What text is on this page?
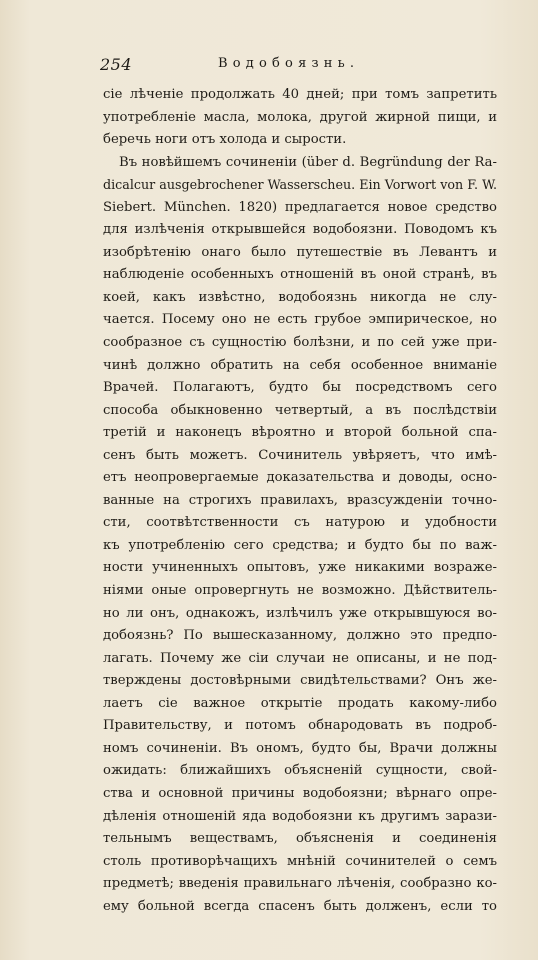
254	Водобоязнь.
сіе лѣченіе продолжать 40 дней; при томъ запретить
употребленіе масла, молока, другой жирной пищи, и
беречь ноги отъ холода и сырости.
Въ новѣйшемъ сочиненіи (über d. Begründung der Ra-
dicalcur ausgebrochener Wasserscheu. Ein Vorwort von F. W.
Siebert. München. 1820) предлагается новое средство
для излѣченія открывшейся водобоязни. Поводомъ къ
изобрѣтенію онаго было путешествіе въ Левантъ и
наблюденіе особенныхъ отношеній въ оной странѣ, въ
коей, какъ извѣстно, водобоязнь никогда не слу-
чается. Посему оно не есть грубое эмпирическое, но
сообразное съ сущностію болѣзни, и по сей уже при-
чинѣ должно обратить на себя особенное вниманіе
Врачей. Полагаютъ, будто бы посредствомъ сего
способа обыкновенно четвертый, а въ послѣдствіи
третій и наконецъ вѣроятно и второй больной спа-
сенъ быть можетъ. Сочинитель увѣряетъ, что имѣ-
етъ неопровергаемые доказательства и доводы, осно-
ванные на строгихъ правилахъ, вразсужденіи точно-
сти, соотвѣтственности съ натурою и удобности
къ употребленію сего средства; и будто бы по важ-
ности учиненныхъ опытовъ, уже никакими возраже-
ніями оные опровергнуть не возможно. Дѣйствитель-
но ли онъ, однакожъ, излѣчилъ уже открывшуюся во-
добоязнь? По вышесказанному, должно это предпо-
лагать. Почему же сіи случаи не описаны, и не под-
тверждены достовѣрными свидѣтельствами? Онъ же-
лаетъ сіе важное открытіе продать какому-либо
Правительству, и потомъ обнародовать въ подроб-
номъ сочиненіи. Въ ономъ, будто бы, Врачи должны
ожидать: ближайшихъ объясненій сущности, свой-
ства и основной причины водобоязни; вѣрнаго опре-
дѣленія отношеній яда водобоязни къ другимъ зарази-
тельнымъ веществамъ, объясненія и соединенія
столь противорѣчащихъ мнѣній сочинителей о семъ
предметѣ; введенія правильнаго лѣченія, сообразно ко-
ему больной всегда спасенъ быть долженъ, если то
